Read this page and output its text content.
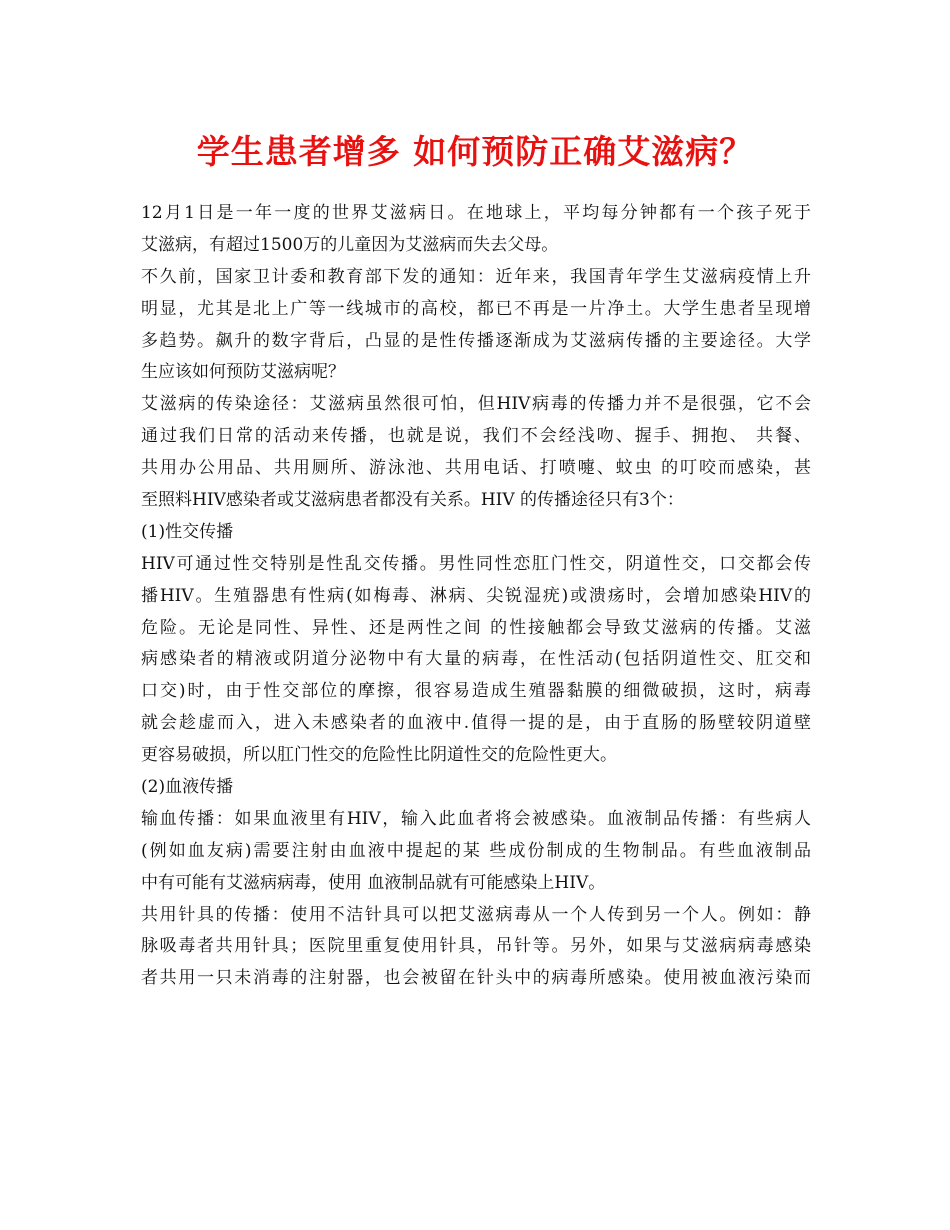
学生患者增多 如何预防正确艾滋病？
12月1日是一年一度的世界艾滋病日。在地球上，平均每分钟都有一个孩子死于
艾滋病，有超过1500万的儿童因为艾滋病而失去父母。
不久前，国家卫计委和教育部下发的通知：近年来，我国青年学生艾滋病疫情上升
明显，尤其是北上广等一线城市的高校，都已不再是一片净土。大学生患者呈现增
多趋势。飙升的数字背后，凸显的是性传播逐渐成为艾滋病传播的主要途径。大学
生应该如何预防艾滋病呢？
艾滋病的传染途径：艾滋病虽然很可怕，但HIV病毒的传播力并不是很强，它不会
通过我们日常的活动来传播，也就是说，我们不会经浅吻、握手、拥抱、 共餐、
共用办公用品、共用厕所、游泳池、共用电话、打喷嚏、蚊虫 的叮咬而感染，甚
至照料HIV感染者或艾滋病患者都没有关系。HIV 的传播途径只有3个：
(1)性交传播
HIV可通过性交特别是性乱交传播。男性同性恋肛门性交，阴道性交，口交都会传
播HIV。生殖器患有性病(如梅毒、淋病、尖锐湿疣)或溃疡时，会增加感染HIV的
危险。无论是同性、异性、还是两性之间 的性接触都会导致艾滋病的传播。艾滋
病感染者的精液或阴道分泌物中有大量的病毒，在性活动(包括阴道性交、肛交和
口交)时，由于性交部位的摩擦，很容易造成生殖器黏膜的细微破损，这时，病毒
就会趁虚而入，进入未感染者的血液中.值得一提的是，由于直肠的肠壁较阴道壁
更容易破损，所以肛门性交的危险性比阴道性交的危险性更大。
(2)血液传播
输血传播：如果血液里有HIV，输入此血者将会被感染。血液制品传播：有些病人
(例如血友病)需要注射由血液中提起的某 些成份制成的生物制品。有些血液制品
中有可能有艾滋病病毒，使用 血液制品就有可能感染上HIV。
共用针具的传播：使用不洁针具可以把艾滋病毒从一个人传到另一个人。例如：静
脉吸毒者共用针具；医院里重复使用针具，吊针等。另外，如果与艾滋病病毒感染
者共用一只未消毒的注射器，也会被留在针头中的病毒所感染。使用被血液污染而
